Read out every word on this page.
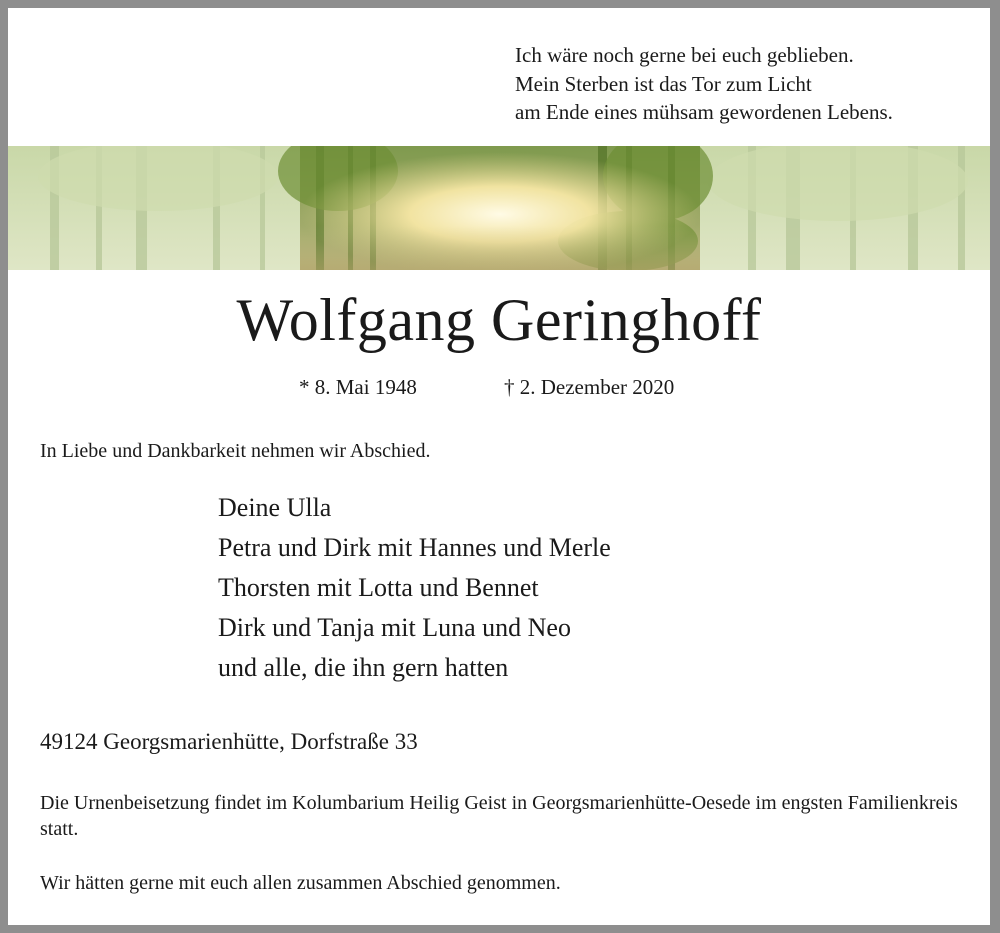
Ich wäre noch gerne bei euch geblieben.
Mein Sterben ist das Tor zum Licht
am Ende eines mühsam gewordenen Lebens.
Wolfgang Geringhoff
* 8. Mai 1948	† 2. Dezember 2020
In Liebe und Dankbarkeit nehmen wir Abschied.
Deine Ulla
Petra und Dirk mit Hannes und Merle
Thorsten mit Lotta und Bennet
Dirk und Tanja mit Luna und Neo
und alle, die ihn gern hatten
49124 Georgsmarienhütte, Dorfstraße 33
Die Urnenbeisetzung findet im Kolumbarium Heilig Geist in Georgsmarienhütte-Oesede im engsten Familienkreis statt.
Wir hätten gerne mit euch allen zusammen Abschied genommen.
